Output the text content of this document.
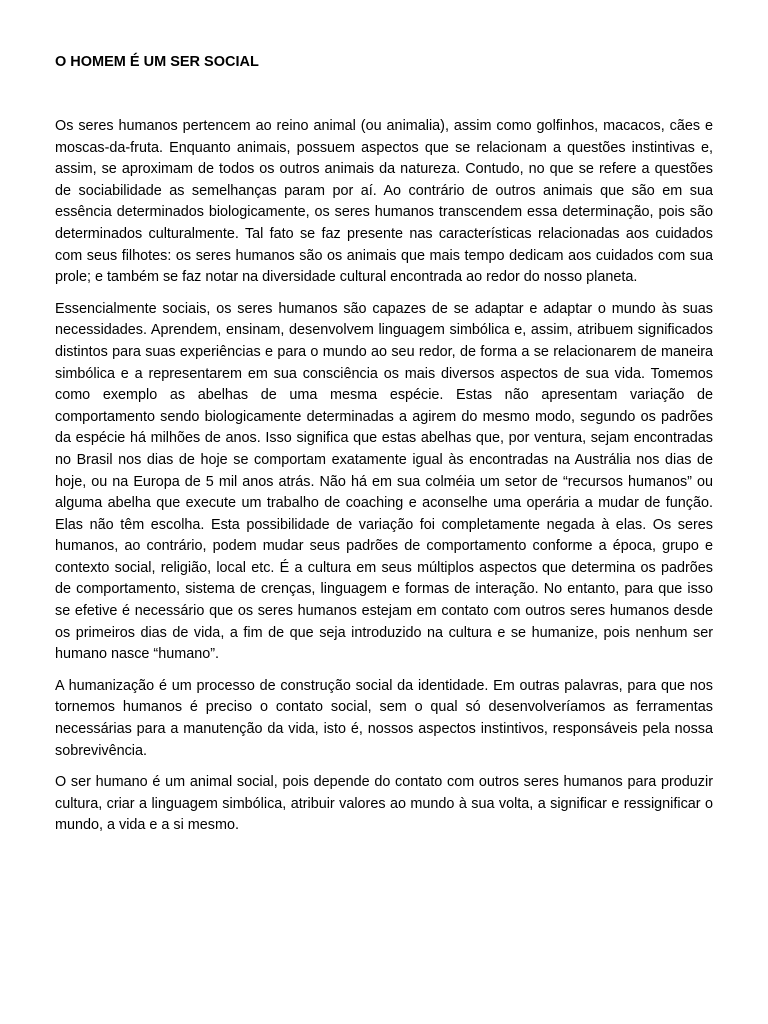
O HOMEM É UM SER SOCIAL

Os seres humanos pertencem ao reino animal (ou animalia), assim como golfinhos, macacos, cães e moscas-da-fruta. Enquanto animais, possuem aspectos que se relacionam a questões instintivas e, assim, se aproximam de todos os outros animais da natureza. Contudo, no que se refere a questões de sociabilidade as semelhanças param por aí. Ao contrário de outros animais que são em sua essência determinados biologicamente, os seres humanos transcendem essa determinação, pois são determinados culturalmente. Tal fato se faz presente nas características relacionadas aos cuidados com seus filhotes: os seres humanos são os animais que mais tempo dedicam aos cuidados com sua prole; e também se faz notar na diversidade cultural encontrada ao redor do nosso planeta.

Essencialmente sociais, os seres humanos são capazes de se adaptar e adaptar o mundo às suas necessidades. Aprendem, ensinam, desenvolvem linguagem simbólica e, assim, atribuem significados distintos para suas experiências e para o mundo ao seu redor, de forma a se relacionarem de maneira simbólica e a representarem em sua consciência os mais diversos aspectos de sua vida. Tomemos como exemplo as abelhas de uma mesma espécie. Estas não apresentam variação de comportamento sendo biologicamente determinadas a agirem do mesmo modo, segundo os padrões da espécie há milhões de anos. Isso significa que estas abelhas que, por ventura, sejam encontradas no Brasil nos dias de hoje se comportam exatamente igual às encontradas na Austrália nos dias de hoje, ou na Europa de 5 mil anos atrás. Não há em sua colméia um setor de “recursos humanos” ou alguma abelha que execute um trabalho de coaching e aconselhe uma operária a mudar de função. Elas não têm escolha. Esta possibilidade de variação foi completamente negada à elas. Os seres humanos, ao contrário, podem mudar seus padrões de comportamento conforme a época, grupo e contexto social, religião, local etc. É a cultura em seus múltiplos aspectos que determina os padrões de comportamento, sistema de crenças, linguagem e formas de interação. No entanto, para que isso se efetive é necessário que os seres humanos estejam em contato com outros seres humanos desde os primeiros dias de vida, a fim de que seja introduzido na cultura e se humanize, pois nenhum ser humano nasce “humano”.

A humanização é um processo de construção social da identidade. Em outras palavras, para que nos tornemos humanos é preciso o contato social, sem o qual só desenvolveríamos as ferramentas necessárias para a manutenção da vida, isto é, nossos aspectos instintivos, responsáveis pela nossa sobrevivência.

O ser humano é um animal social, pois depende do contato com outros seres humanos para produzir cultura, criar a linguagem simbólica, atribuir valores ao mundo à sua volta, a significar e ressignificar o mundo, a vida e a si mesmo.
